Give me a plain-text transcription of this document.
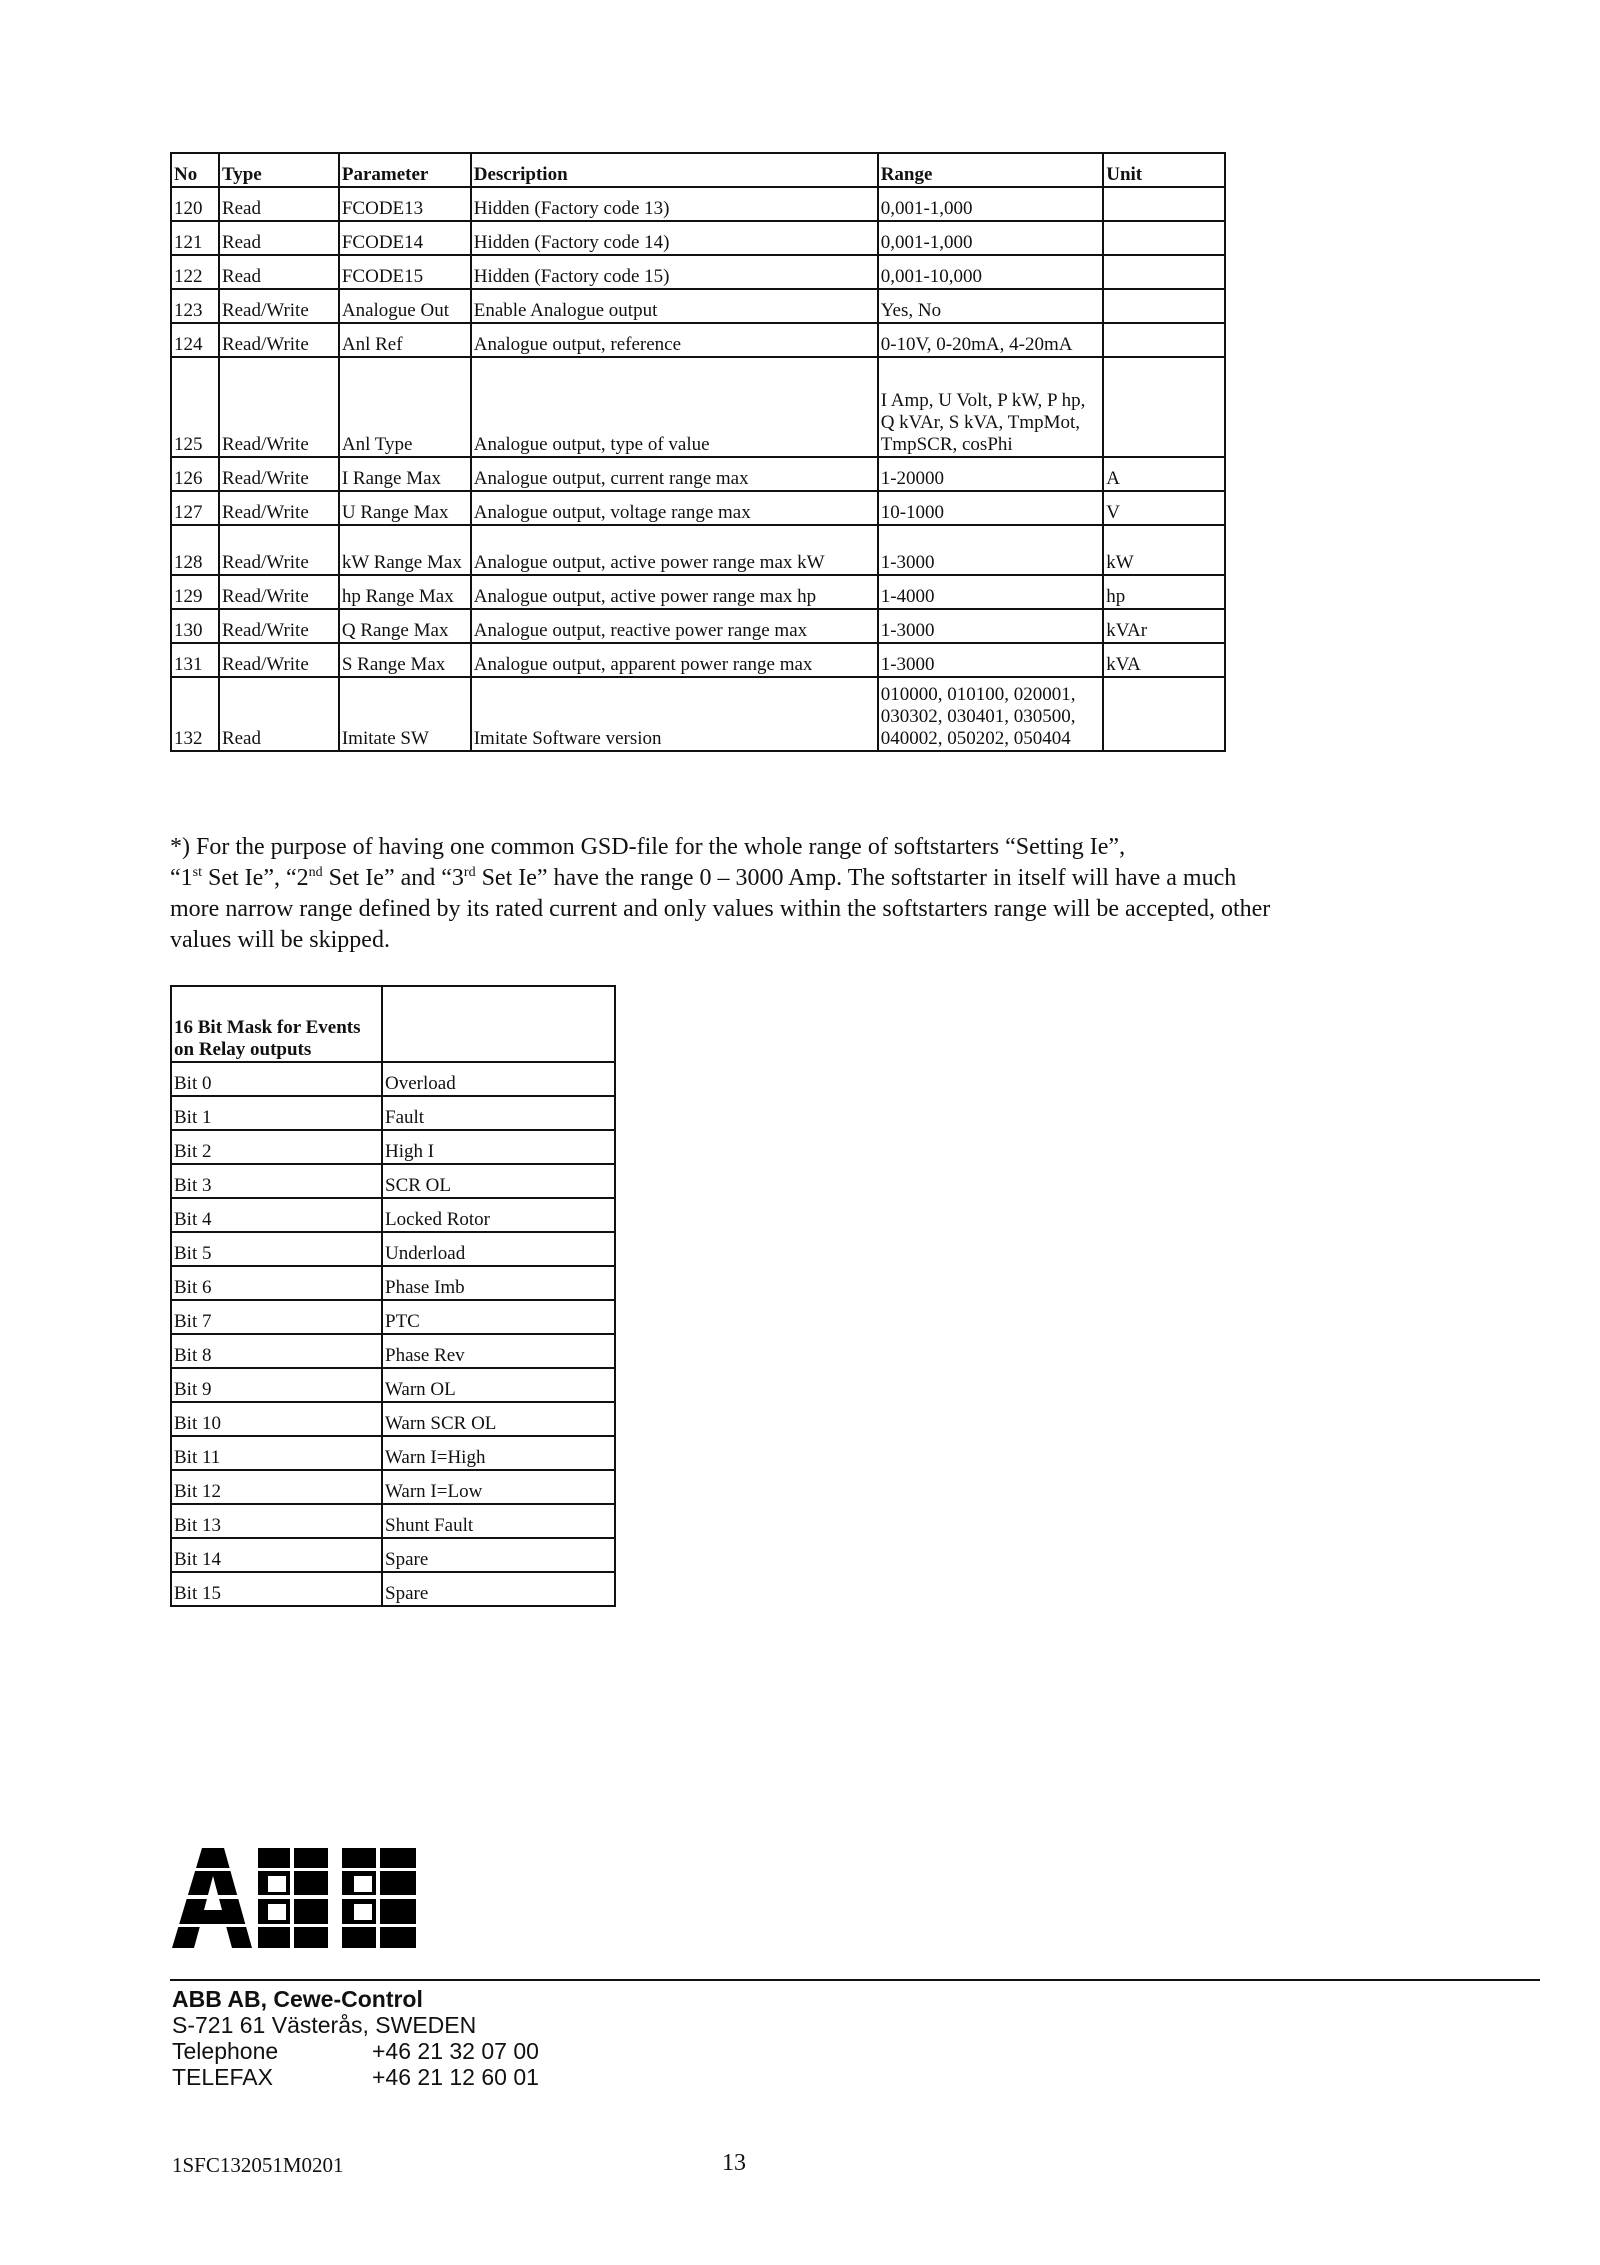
No	Type	Parameter	Description	Range	Unit
120	Read	FCODE13	Hidden (Factory code 13)	0,001-1,000	
121	Read	FCODE14	Hidden (Factory code 14)	0,001-1,000	
122	Read	FCODE15	Hidden (Factory code 15)	0,001-10,000	
123	Read/Write	Analogue Out	Enable Analogue output	Yes, No	
124	Read/Write	Anl Ref	Analogue output, reference	0-10V, 0-20mA, 4-20mA	
125	Read/Write	Anl Type	Analogue output, type of value	I Amp, U Volt, P kW, P hp, Q kVAr, S kVA, TmpMot, TmpSCR, cosPhi	
126	Read/Write	I Range Max	Analogue output, current range max	1-20000	A
127	Read/Write	U Range Max	Analogue output, voltage range max	10-1000	V
128	Read/Write	kW Range Max	Analogue output, active power range max kW	1-3000	kW
129	Read/Write	hp Range Max	Analogue output, active power range max hp	1-4000	hp
130	Read/Write	Q Range Max	Analogue output, reactive power range max	1-3000	kVAr
131	Read/Write	S Range Max	Analogue output, apparent power range max	1-3000	kVA
132	Read	Imitate SW	Imitate Software version	010000, 010100, 020001, 030302, 030401, 030500, 040002, 050202, 050404	
*) For the purpose of having one common GSD-file for the whole range of softstarters “Setting Ie”,
“1st Set Ie”, “2nd Set Ie” and “3rd Set Ie” have the range 0 – 3000 Amp. The softstarter in itself will have a much
more narrow range defined by its rated current and only values within the softstarters range will be accepted, other
values will be skipped.
16 Bit Mask for Events on Relay outputs	
Bit 0	Overload
Bit 1	Fault
Bit 2	High I
Bit 3	SCR OL
Bit 4	Locked Rotor
Bit 5	Underload
Bit 6	Phase Imb
Bit 7	PTC
Bit 8	Phase Rev
Bit 9	Warn OL
Bit 10	Warn SCR OL
Bit 11	Warn I=High
Bit 12	Warn I=Low
Bit 13	Shunt Fault
Bit 14	Spare
Bit 15	Spare
ABB AB, Cewe-Control
S-721 61 Västerås, SWEDEN
Telephone	+46 21 32 07 00
TELEFAX	+46 21 12 60 01
1SFC132051M0201	13
